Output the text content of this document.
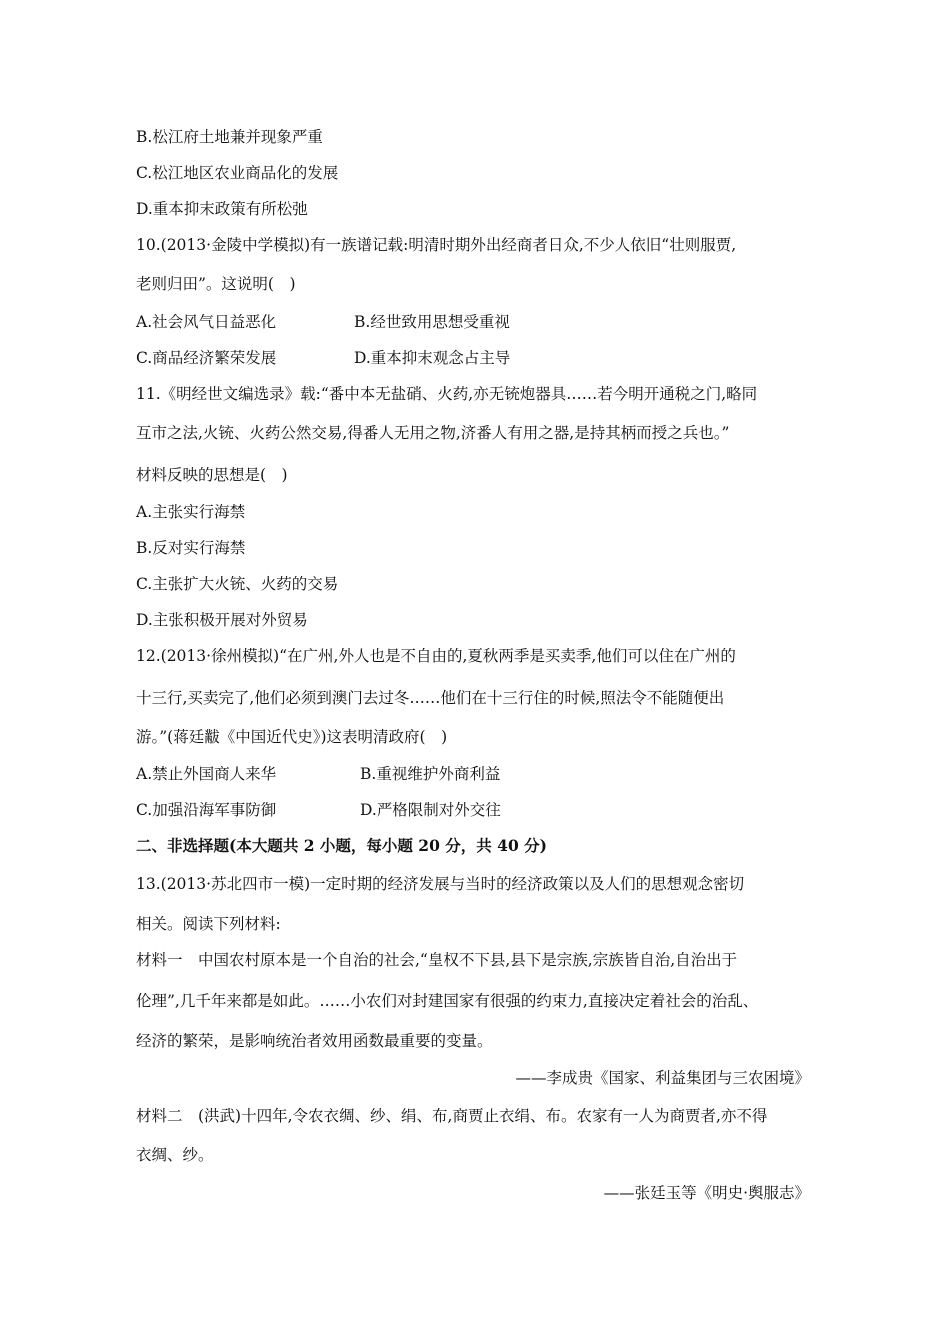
B.松江府土地兼并现象严重
C.松江地区农业商品化的发展
D.重本抑末政策有所松弛
10.(2013·金陵中学模拟)有一族谱记载:明清时期外出经商者日众,不少人依旧“壮则服贾,
老则归田”。这说明(　)
A.社会风气日益恶化	B.经世致用思想受重视
C.商品经济繁荣发展	D.重本抑末观念占主导
11.《明经世文编选录》载:“番中本无盐硝、火药,亦无铳炮器具……若今明开通税之门,略同
互市之法,火铳、火药公然交易,得番人无用之物,济番人有用之器,是持其柄而授之兵也。”
材料反映的思想是(　)
A.主张实行海禁
B.反对实行海禁
C.主张扩大火铳、火药的交易
D.主张积极开展对外贸易
12.(2013·徐州模拟)“在广州,外人也是不自由的,夏秋两季是买卖季,他们可以住在广州的
十三行,买卖完了,他们必须到澳门去过冬……他们在十三行住的时候,照法令不能随便出
游。”(蒋廷黻《中国近代史》)这表明清政府(　)
A.禁止外国商人来华	B.重视维护外商利益
C.加强沿海军事防御	D.严格限制对外交往
二、非选择题(本大题共 2 小题，每小题 20 分，共 40 分)
13.(2013·苏北四市一模)一定时期的经济发展与当时的经济政策以及人们的思想观念密切
相关。阅读下列材料:
材料一　中国农村原本是一个自治的社会,“皇权不下县,县下是宗族,宗族皆自治,自治出于
伦理”,几千年来都是如此。……小农们对封建国家有很强的约束力,直接决定着社会的治乱、
经济的繁荣，是影响统治者效用函数最重要的变量。
——李成贵《国家、利益集团与三农困境》
材料二　(洪武)十四年,令农衣绸、纱、绢、布,商贾止衣绢、布。农家有一人为商贾者,亦不得
衣绸、纱。
——张廷玉等《明史·舆服志》
